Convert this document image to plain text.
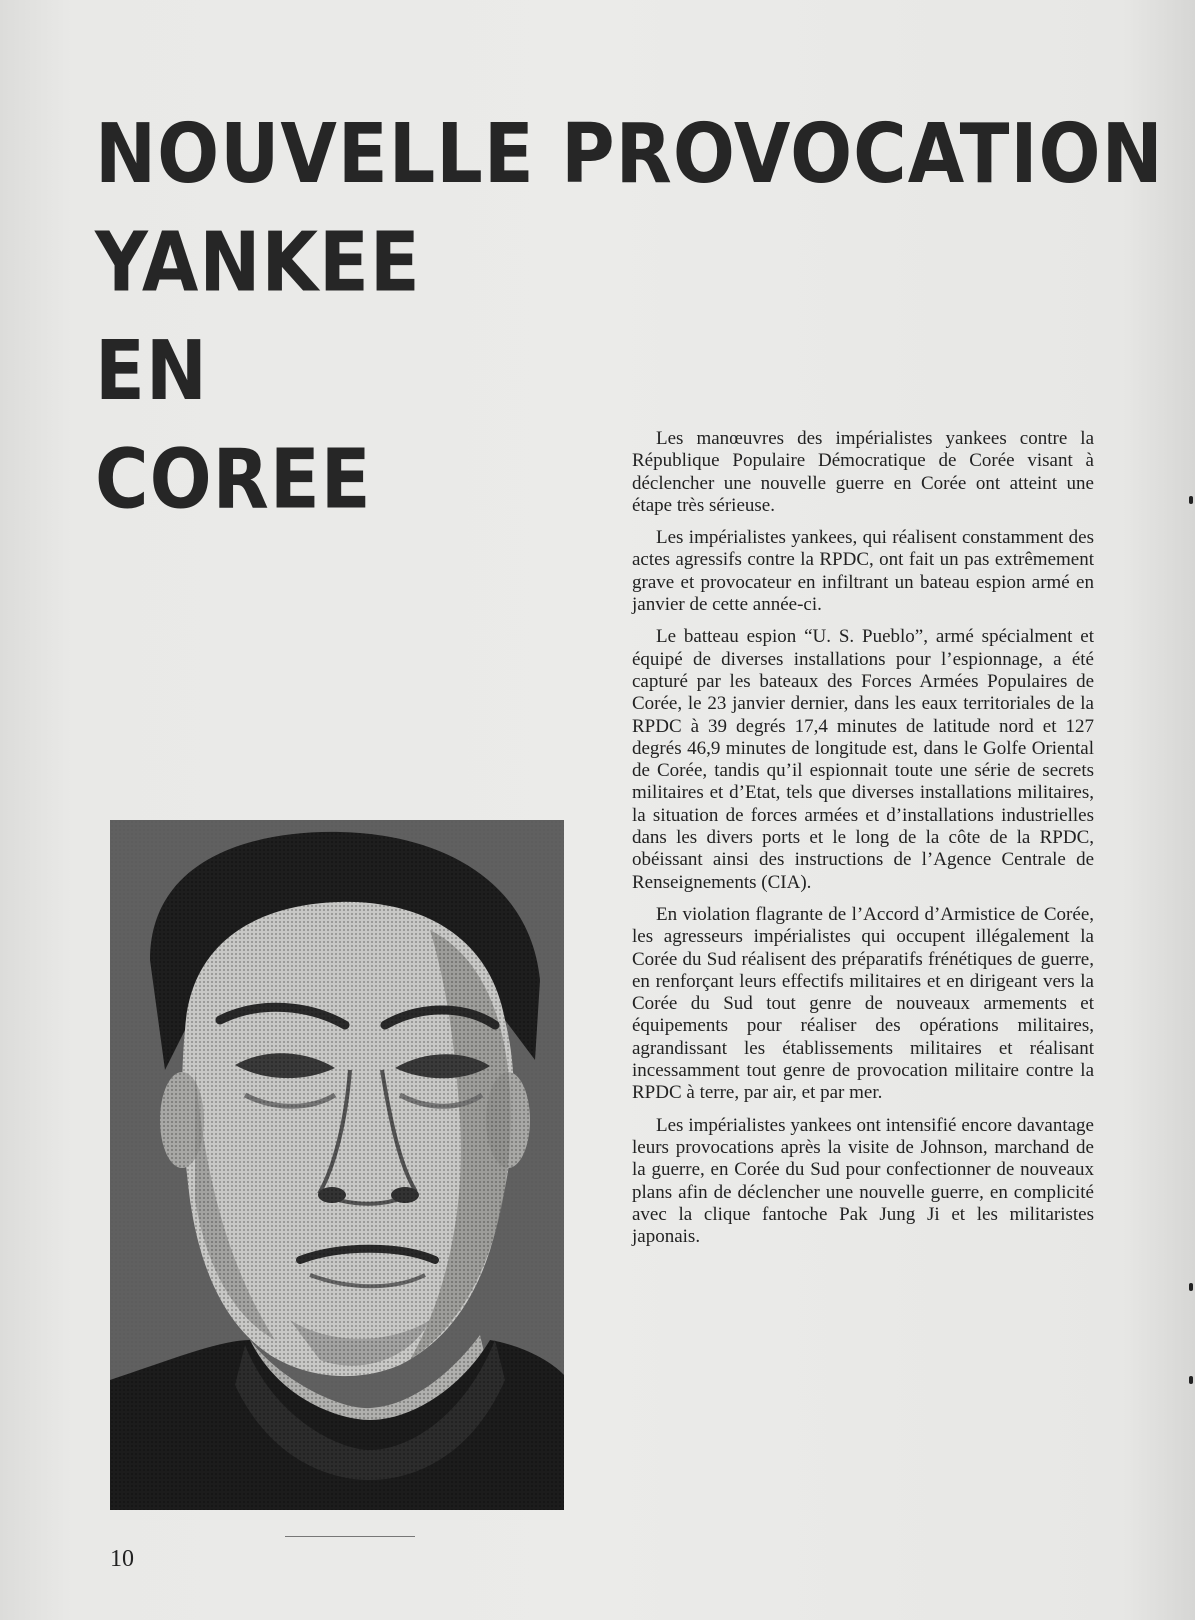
NOUVELLE PROVOCATION
YANKEE
EN
COREE	Les manœuvres des impérialistes yankees contre la République Populaire Démocratique de Corée visant à déclencher une nouvelle guerre en Corée ont atteint une étape très sérieuse.

Les impérialistes yankees, qui réalisent constamment des actes agressifs contre la RPDC, ont fait un pas extrêmement grave et provocateur en infiltrant un bateau espion armé en janvier de cette année-ci.

Le batteau espion “U. S. Pueblo”, armé spécialment et équipé de diverses installations pour l’espionnage, a été capturé par les bateaux des Forces Armées Populaires de Corée, le 23 janvier dernier, dans les eaux territoriales de la RPDC à 39 degrés 17,4 minutes de latitude nord et 127 degrés 46,9 minutes de longitude est, dans le Golfe Oriental de Corée, tandis qu’il espionnait toute une série de secrets militaires et d’Etat, tels que diverses installations militaires, la situation de forces armées et d’installations industrielles dans les divers ports et le long de la côte de la RPDC, obéissant ainsi des instructions de l’Agence Centrale de Renseignements (CIA).

En violation flagrante de l’Accord d’Armistice de Corée, les agresseurs impérialistes qui occupent illégalement la Corée du Sud réalisent des préparatifs frénétiques de guerre, en renforçant leurs effectifs militaires et en dirigeant vers la Corée du Sud tout genre de nouveaux armements et équipements pour réaliser des opérations militaires, agrandissant les établissements militaires et réalisant incessamment tout genre de provocation militaire contre la RPDC à terre, par air, et par mer.

Les impérialistes yankees ont intensifié encore davantage leurs provocations après la visite de Johnson, marchand de la guerre, en Corée du Sud pour confectionner de nouveaux plans afin de déclencher une nouvelle guerre, en complicité avec la clique fantoche Pak Jung Ji et les militaristes japonais.

10
